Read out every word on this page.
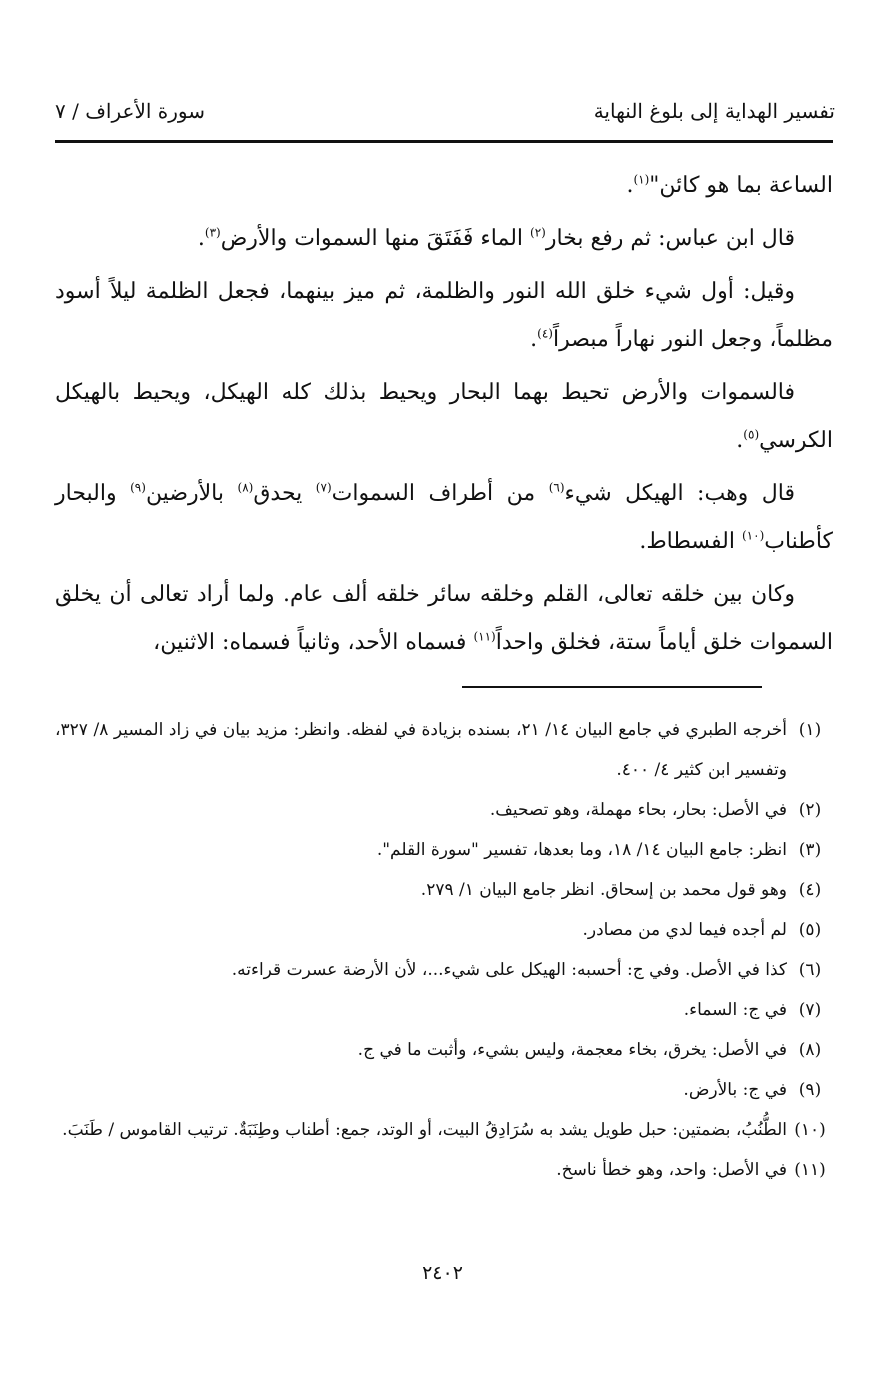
تفسير الهداية إلى بلوغ النهاية
سورة الأعراف / ٧

الساعة بما هو كائن"$^{(١)}$.

قال ابن عباس: ثم رفع بخار$^{(٢)}$ الماء فَفَتَقَ منها السموات والأرض$^{(٣)}$.

وقيل: أول شيء خلق الله النور والظلمة، ثم ميز بينهما، فجعل الظلمة ليلاً أسود مظلماً، وجعل النور نهاراً مبصراً$^{(٤)}$.

فالسموات والأرض تحيط بهما البحار ويحيط بذلك كله الهيكل، ويحيط بالهيكل الكرسي$^{(٥)}$.

قال وهب: الهيكل شيء$^{(٦)}$ من أطراف السموات$^{(٧)}$ يحدق$^{(٨)}$ بالأرضين$^{(٩)}$ والبحار كأطناب$^{(١٠)}$ الفسطاط.

وكان بين خلقه تعالى، القلم وخلقه سائر خلقه ألف عام. ولما أراد تعالى أن يخلق السموات خلق أياماً ستة، فخلق واحداً$^{(١١)}$ فسماه الأحد، وثانياً فسماه: الاثنين،

(١)
أخرجه الطبري في جامع البيان ١٤/ ٢١، بسنده بزيادة في لفظه. وانظر: مزيد بيان في زاد المسير ٨/ ٣٢٧، وتفسير ابن كثير ٤/ ٤٠٠.
(٢)
في الأصل: بحار، بحاء مهملة، وهو تصحيف.
(٣)
انظر: جامع البيان ١٤/ ١٨، وما بعدها، تفسير "سورة القلم".
(٤)
وهو قول محمد بن إسحاق. انظر جامع البيان ١/ ٢٧٩.
(٥)
لم أجده فيما لدي من مصادر.
(٦)
كذا في الأصل. وفي ج: أحسبه: الهيكل على شيء...، لأن الأرضة عسرت قراءته.
(٧)
في ج: السماء.
(٨)
في الأصل: يخرق، بخاء معجمة، وليس بشيء، وأثبت ما في ج.
(٩)
في ج: بالأرض.
(١٠)
الطُّنُبُ، بضمتين: حبل طويل يشد به سُرَادِقُ البيت، أو الوتد، جمع: أطناب وطِنَبَةٌ. ترتيب القاموس / طَنَبَ.
(١١)
في الأصل: واحد، وهو خطأ ناسخ.
٢٤٠٢
